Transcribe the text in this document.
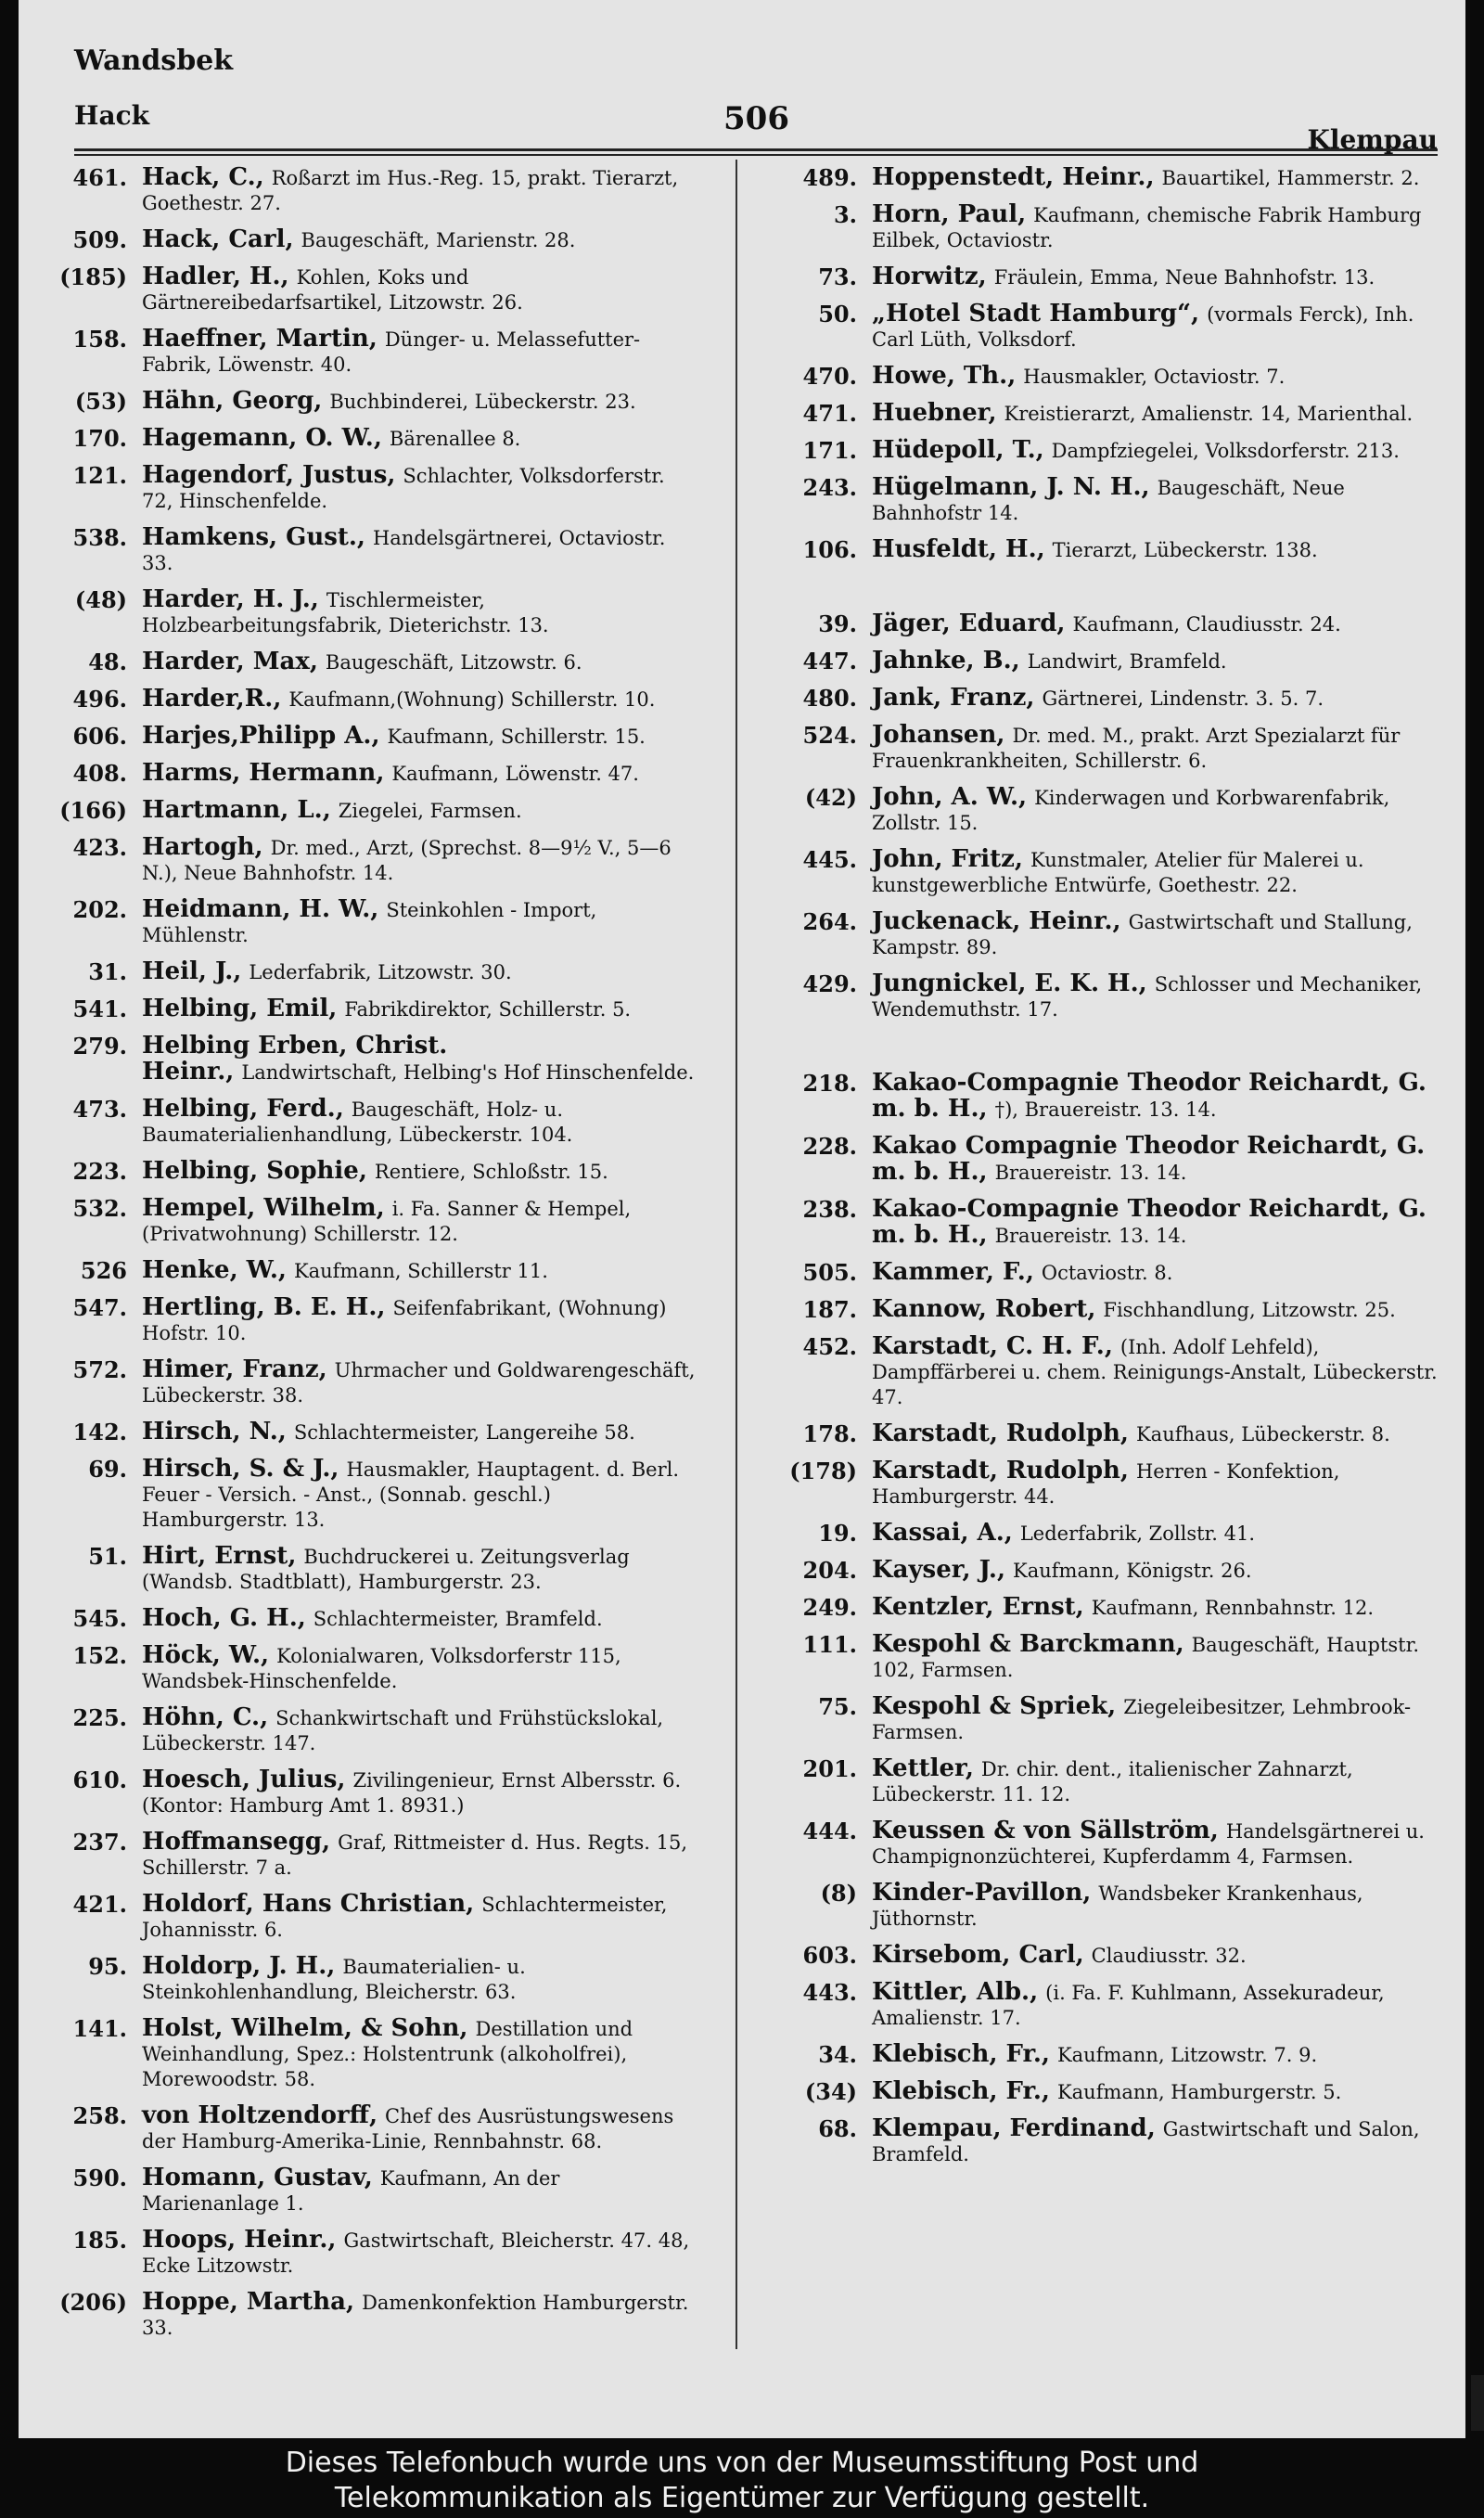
Wandsbek
Hack	506
Klempau
461. Hack, C., Roßarzt im Hus.-Reg. 15, prakt. Tierarzt, Goethestr. 27.
509. Hack, Carl, Baugeschäft, Marienstr. 28.
(185) Hadler, H., Kohlen, Koks und Gärtnereibedarfsartikel, Litzowstr. 26.
158. Haeffner, Martin, Dünger- u. Melassefutter-Fabrik, Löwenstr. 40.
(53) Hähn, Georg, Buchbinderei, Lübeckerstr. 23.
170. Hagemann, O. W., Bärenallee 8.
121. Hagendorf, Justus, Schlachter, Volksdorferstr. 72, Hinschenfelde.
538. Hamkens, Gust., Handelsgärtnerei, Octaviostr. 33.
(48) Harder, H. J., Tischlermeister, Holzbearbeitungsfabrik, Dieterichstr. 13.
48. Harder, Max, Baugeschäft, Litzowstr. 6.
496. Harder,R., Kaufmann,(Wohnung) Schillerstr. 10.
606. Harjes,Philipp A., Kaufmann, Schillerstr. 15.
408. Harms, Hermann, Kaufmann, Löwenstr. 47.
(166) Hartmann, L., Ziegelei, Farmsen.
423. Hartogh, Dr. med., Arzt, (Sprechst. 8—9½ V., 5—6 N.), Neue Bahnhofstr. 14.
202. Heidmann, H. W., Steinkohlen - Import, Mühlenstr.
31. Heil, J., Lederfabrik, Litzowstr. 30.
541. Helbing, Emil, Fabrikdirektor, Schillerstr. 5.
279. Helbing Erben, Christ. Heinr., Landwirtschaft, Helbing's Hof Hinschenfelde.
473. Helbing, Ferd., Baugeschäft, Holz- u. Baumaterialienhandlung, Lübeckerstr. 104.
223. Helbing, Sophie, Rentiere, Schloßstr. 15.
532. Hempel, Wilhelm, i. Fa. Sanner & Hempel, (Privatwohnung) Schillerstr. 12.
526 Henke, W., Kaufmann, Schillerstr 11.
547. Hertling, B. E. H., Seifenfabrikant, (Wohnung) Hofstr. 10.
572. Himer, Franz, Uhrmacher und Goldwarengeschäft, Lübeckerstr. 38.
142. Hirsch, N., Schlachtermeister, Langereihe 58.
69. Hirsch, S. & J., Hausmakler, Hauptagent. d. Berl. Feuer - Versich. - Anst., (Sonnab. geschl.) Hamburgerstr. 13.
51. Hirt, Ernst, Buchdruckerei u. Zeitungsverlag (Wandsb. Stadtblatt), Hamburgerstr. 23.
545. Hoch, G. H., Schlachtermeister, Bramfeld.
152. Höck, W., Kolonialwaren, Volksdorferstr 115, Wandsbek-Hinschenfelde.
225. Höhn, C., Schankwirtschaft und Frühstückslokal, Lübeckerstr. 147.
610. Hoesch, Julius, Zivilingenieur, Ernst Albersstr. 6. (Kontor: Hamburg Amt 1. 8931.)
237. Hoffmansegg, Graf, Rittmeister d. Hus. Regts. 15, Schillerstr. 7 a.
421. Holdorf, Hans Christian, Schlachtermeister, Johannisstr. 6.
95. Holdorp, J. H., Baumaterialien- u. Steinkohlenhandlung, Bleicherstr. 63.
141. Holst, Wilhelm, & Sohn, Destillation und Weinhandlung, Spez.: Holstentrunk (alkoholfrei), Morewoodstr. 58.
258. von Holtzendorff, Chef des Ausrüstungswesens der Hamburg-Amerika-Linie, Rennbahnstr. 68.
590. Homann, Gustav, Kaufmann, An der Marienanlage 1.
185. Hoops, Heinr., Gastwirtschaft, Bleicherstr. 47. 48, Ecke Litzowstr.
(206) Hoppe, Martha, Damenkonfektion Hamburgerstr. 33.
489. Hoppenstedt, Heinr., Bauartikel, Hammerstr. 2.
3. Horn, Paul, Kaufmann, chemische Fabrik Hamburg Eilbek, Octaviostr.
73. Horwitz, Fräulein, Emma, Neue Bahnhofstr. 13.
50. „Hotel Stadt Hamburg“, (vormals Ferck), Inh. Carl Lüth, Volksdorf.
470. Howe, Th., Hausmakler, Octaviostr. 7.
471. Huebner, Kreistierarzt, Amalienstr. 14, Marienthal.
171. Hüdepoll, T., Dampfziegelei, Volksdorferstr. 213.
243. Hügelmann, J. N. H., Baugeschäft, Neue Bahnhofstr 14.
106. Husfeldt, H., Tierarzt, Lübeckerstr. 138.
39. Jäger, Eduard, Kaufmann, Claudiusstr. 24.
447. Jahnke, B., Landwirt, Bramfeld.
480. Jank, Franz, Gärtnerei, Lindenstr. 3. 5. 7.
524. Johansen, Dr. med. M., prakt. Arzt Spezialarzt für Frauenkrankheiten, Schillerstr. 6.
(42) John, A. W., Kinderwagen und Korbwarenfabrik, Zollstr. 15.
445. John, Fritz, Kunstmaler, Atelier für Malerei u. kunstgewerbliche Entwürfe, Goethestr. 22.
264. Juckenack, Heinr., Gastwirtschaft und Stallung, Kampstr. 89.
429. Jungnickel, E. K. H., Schlosser und Mechaniker, Wendemuthstr. 17.
218. Kakao-Compagnie Theodor Reichardt, G. m. b. H., †), Brauereistr. 13. 14.
228. Kakao Compagnie Theodor Reichardt, G. m. b. H., Brauereistr. 13. 14.
238. Kakao-Compagnie Theodor Reichardt, G. m. b. H., Brauereistr. 13. 14.
505. Kammer, F., Octaviostr. 8.
187. Kannow, Robert, Fischhandlung, Litzowstr. 25.
452. Karstadt, C. H. F., (Inh. Adolf Lehfeld), Dampffärberei u. chem. Reinigungs-Anstalt, Lübeckerstr. 47.
178. Karstadt, Rudolph, Kaufhaus, Lübeckerstr. 8.
(178) Karstadt, Rudolph, Herren - Konfektion, Hamburgerstr. 44.
19. Kassai, A., Lederfabrik, Zollstr. 41.
204. Kayser, J., Kaufmann, Königstr. 26.
249. Kentzler, Ernst, Kaufmann, Rennbahnstr. 12.
111. Kespohl & Barckmann, Baugeschäft, Hauptstr. 102, Farmsen.
75. Kespohl & Spriek, Ziegeleibesitzer, Lehmbrook-Farmsen.
201. Kettler, Dr. chir. dent., italienischer Zahnarzt, Lübeckerstr. 11. 12.
444. Keussen & von Sällström, Handelsgärtnerei u. Champignonzüchterei, Kupferdamm 4, Farmsen.
(8) Kinder-Pavillon, Wandsbeker Krankenhaus, Jüthornstr.
603. Kirsebom, Carl, Claudiusstr. 32.
443. Kittler, Alb., (i. Fa. F. Kuhlmann, Assekuradeur, Amalienstr. 17.
34. Klebisch, Fr., Kaufmann, Litzowstr. 7. 9.
(34) Klebisch, Fr., Kaufmann, Hamburgerstr. 5.
68. Klempau, Ferdinand, Gastwirtschaft und Salon, Bramfeld.
Dieses Telefonbuch wurde uns von der Museumsstiftung Post und
Telekommunikation als Eigentümer zur Verfügung gestellt.
